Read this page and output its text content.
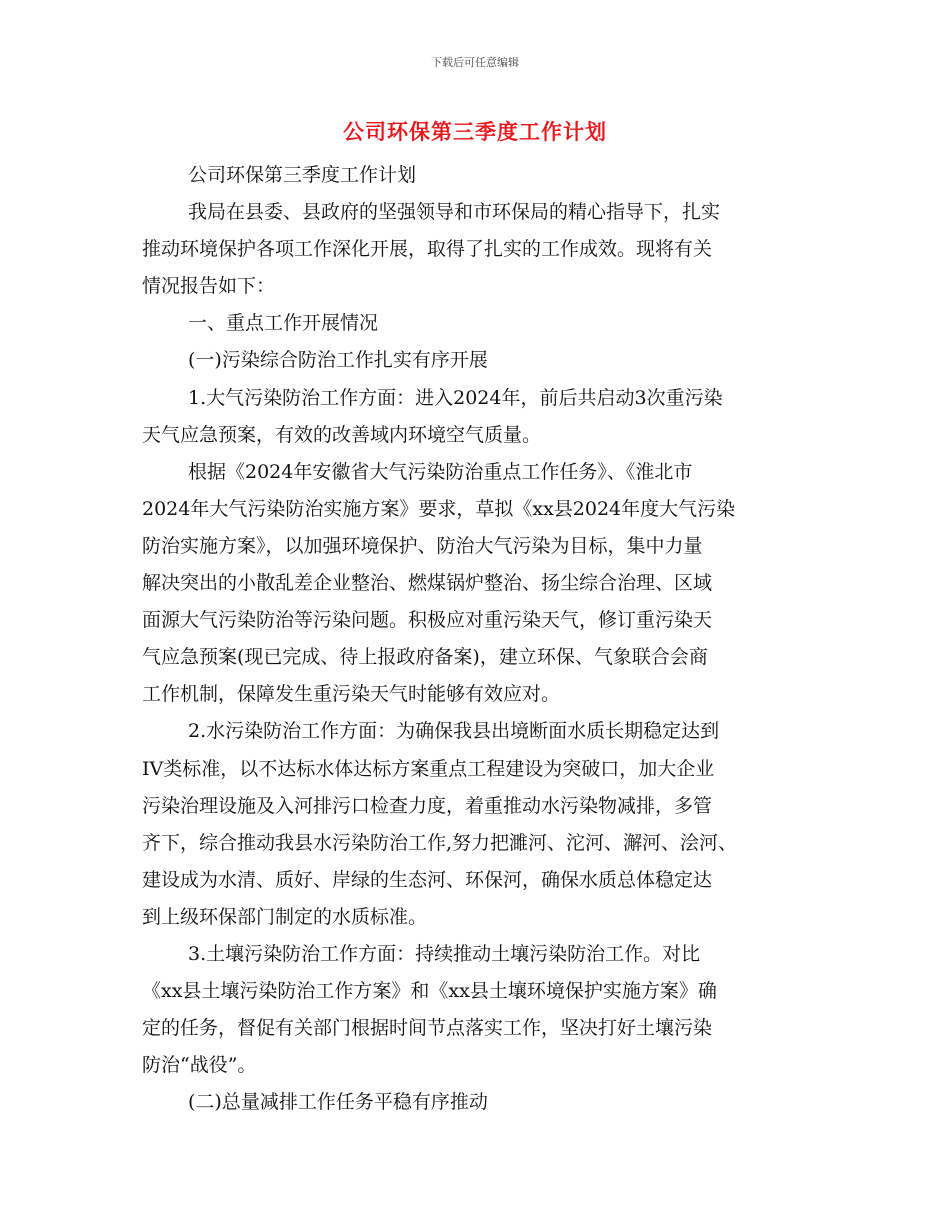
下载后可任意编辑
公司环保第三季度工作计划
公司环保第三季度工作计划
我局在县委、县政府的坚强领导和市环保局的精心指导下，扎实
推动环境保护各项工作深化开展，取得了扎实的工作成效。现将有关
情况报告如下：
一、重点工作开展情况
(一)污染综合防治工作扎实有序开展
1.大气污染防治工作方面：进入2024年，前后共启动3次重污染
天气应急预案，有效的改善域内环境空气质量。
根据《2024年安徽省大气污染防治重点工作任务》、《淮北市
2024年大气污染防治实施方案》要求，草拟《xx县2024年度大气污染
防治实施方案》，以加强环境保护、防治大气污染为目标，集中力量
解决突出的小散乱差企业整治、燃煤锅炉整治、扬尘综合治理、区域
面源大气污染防治等污染问题。积极应对重污染天气，修订重污染天
气应急预案(现已完成、待上报政府备案)，建立环保、气象联合会商
工作机制，保障发生重污染天气时能够有效应对。
2.水污染防治工作方面：为确保我县出境断面水质长期稳定达到
IV类标准，以不达标水体达标方案重点工程建设为突破口，加大企业
污染治理设施及入河排污口检查力度，着重推动水污染物减排，多管
齐下，综合推动我县水污染防治工作,努力把濉河、沱河、澥河、浍河、
建设成为水清、质好、岸绿的生态河、环保河，确保水质总体稳定达
到上级环保部门制定的水质标准。
3.土壤污染防治工作方面：持续推动土壤污染防治工作。对比
《xx县土壤污染防治工作方案》和《xx县土壤环境保护实施方案》确
定的任务，督促有关部门根据时间节点落实工作，坚决打好土壤污染
防治“战役”。
(二)总量减排工作任务平稳有序推动
